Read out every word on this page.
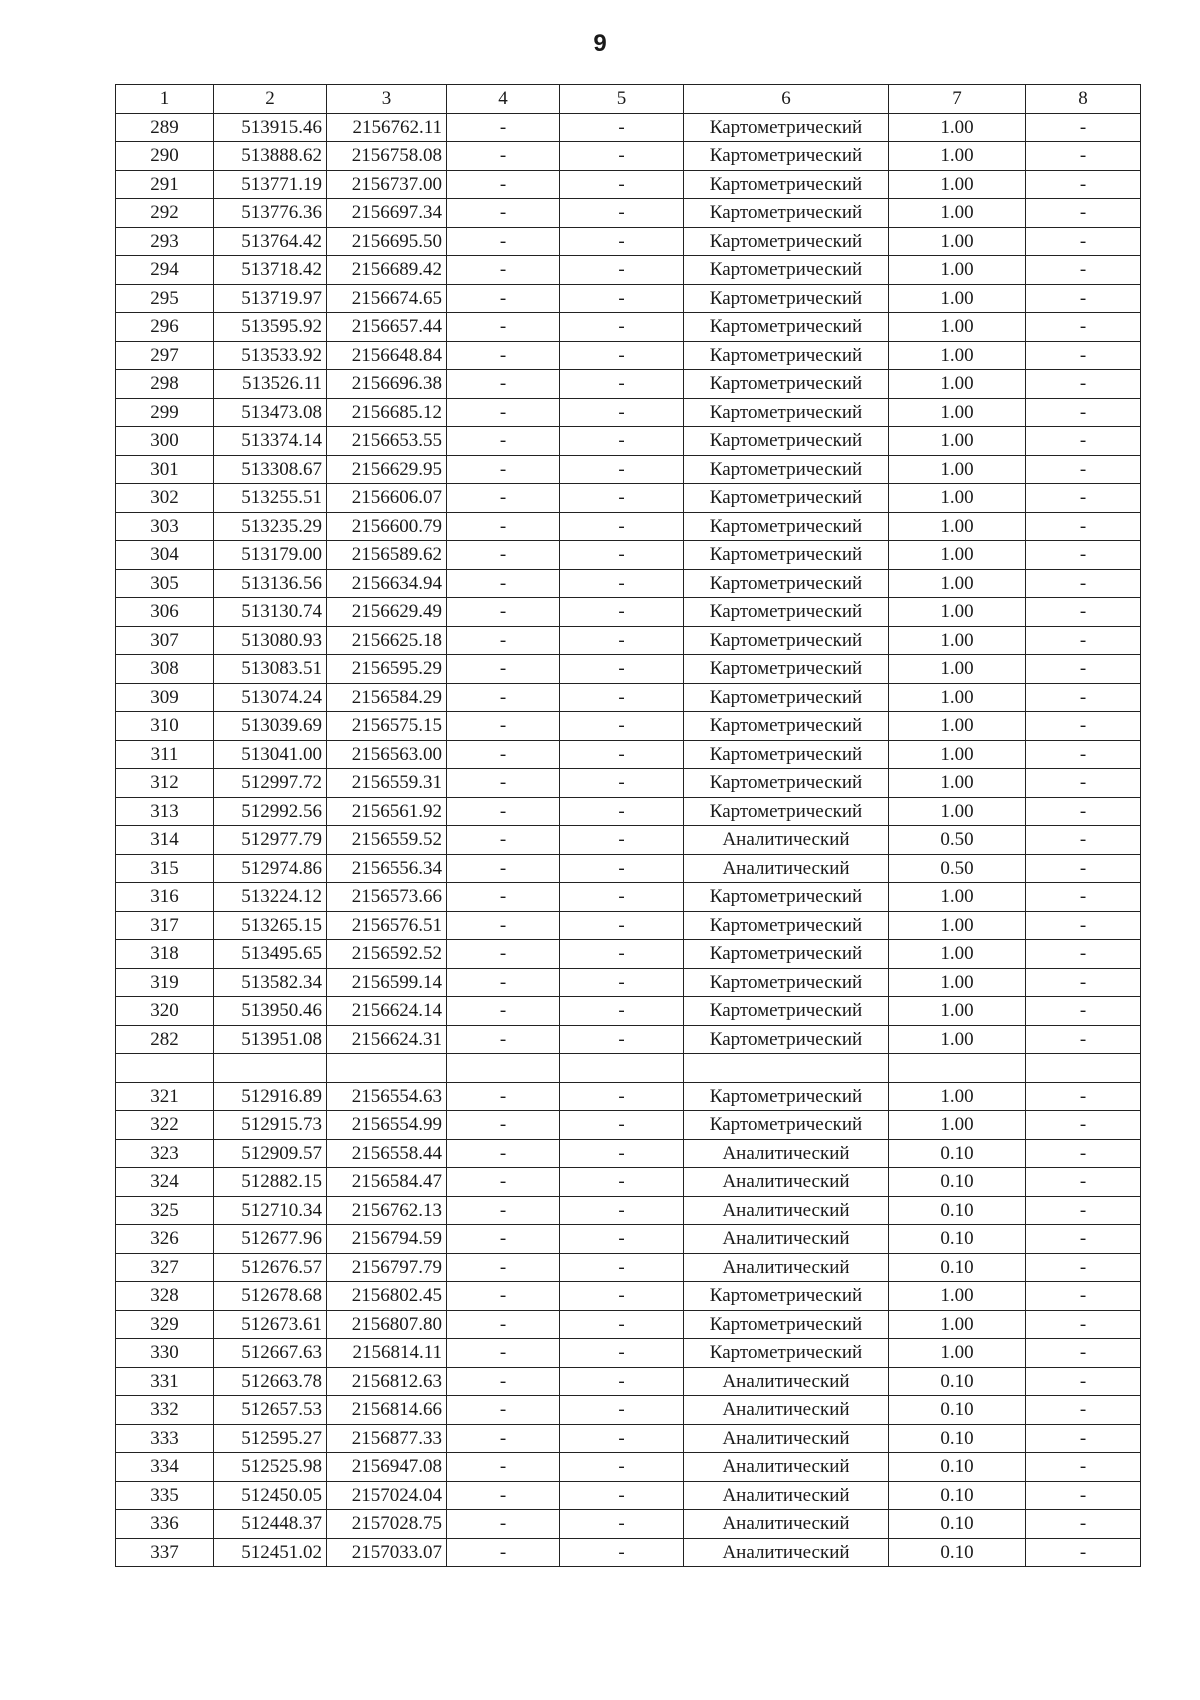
9
1	2	3	4	5	6	7	8
289	513915.46	2156762.11	-	-	Картометрический	1.00	-
290	513888.62	2156758.08	-	-	Картометрический	1.00	-
291	513771.19	2156737.00	-	-	Картометрический	1.00	-
292	513776.36	2156697.34	-	-	Картометрический	1.00	-
293	513764.42	2156695.50	-	-	Картометрический	1.00	-
294	513718.42	2156689.42	-	-	Картометрический	1.00	-
295	513719.97	2156674.65	-	-	Картометрический	1.00	-
296	513595.92	2156657.44	-	-	Картометрический	1.00	-
297	513533.92	2156648.84	-	-	Картометрический	1.00	-
298	513526.11	2156696.38	-	-	Картометрический	1.00	-
299	513473.08	2156685.12	-	-	Картометрический	1.00	-
300	513374.14	2156653.55	-	-	Картометрический	1.00	-
301	513308.67	2156629.95	-	-	Картометрический	1.00	-
302	513255.51	2156606.07	-	-	Картометрический	1.00	-
303	513235.29	2156600.79	-	-	Картометрический	1.00	-
304	513179.00	2156589.62	-	-	Картометрический	1.00	-
305	513136.56	2156634.94	-	-	Картометрический	1.00	-
306	513130.74	2156629.49	-	-	Картометрический	1.00	-
307	513080.93	2156625.18	-	-	Картометрический	1.00	-
308	513083.51	2156595.29	-	-	Картометрический	1.00	-
309	513074.24	2156584.29	-	-	Картометрический	1.00	-
310	513039.69	2156575.15	-	-	Картометрический	1.00	-
311	513041.00	2156563.00	-	-	Картометрический	1.00	-
312	512997.72	2156559.31	-	-	Картометрический	1.00	-
313	512992.56	2156561.92	-	-	Картометрический	1.00	-
314	512977.79	2156559.52	-	-	Аналитический	0.50	-
315	512974.86	2156556.34	-	-	Аналитический	0.50	-
316	513224.12	2156573.66	-	-	Картометрический	1.00	-
317	513265.15	2156576.51	-	-	Картометрический	1.00	-
318	513495.65	2156592.52	-	-	Картометрический	1.00	-
319	513582.34	2156599.14	-	-	Картометрический	1.00	-
320	513950.46	2156624.14	-	-	Картометрический	1.00	-
282	513951.08	2156624.31	-	-	Картометрический	1.00	-

321	512916.89	2156554.63	-	-	Картометрический	1.00	-
322	512915.73	2156554.99	-	-	Картометрический	1.00	-
323	512909.57	2156558.44	-	-	Аналитический	0.10	-
324	512882.15	2156584.47	-	-	Аналитический	0.10	-
325	512710.34	2156762.13	-	-	Аналитический	0.10	-
326	512677.96	2156794.59	-	-	Аналитический	0.10	-
327	512676.57	2156797.79	-	-	Аналитический	0.10	-
328	512678.68	2156802.45	-	-	Картометрический	1.00	-
329	512673.61	2156807.80	-	-	Картометрический	1.00	-
330	512667.63	2156814.11	-	-	Картометрический	1.00	-
331	512663.78	2156812.63	-	-	Аналитический	0.10	-
332	512657.53	2156814.66	-	-	Аналитический	0.10	-
333	512595.27	2156877.33	-	-	Аналитический	0.10	-
334	512525.98	2156947.08	-	-	Аналитический	0.10	-
335	512450.05	2157024.04	-	-	Аналитический	0.10	-
336	512448.37	2157028.75	-	-	Аналитический	0.10	-
337	512451.02	2157033.07	-	-	Аналитический	0.10	-
